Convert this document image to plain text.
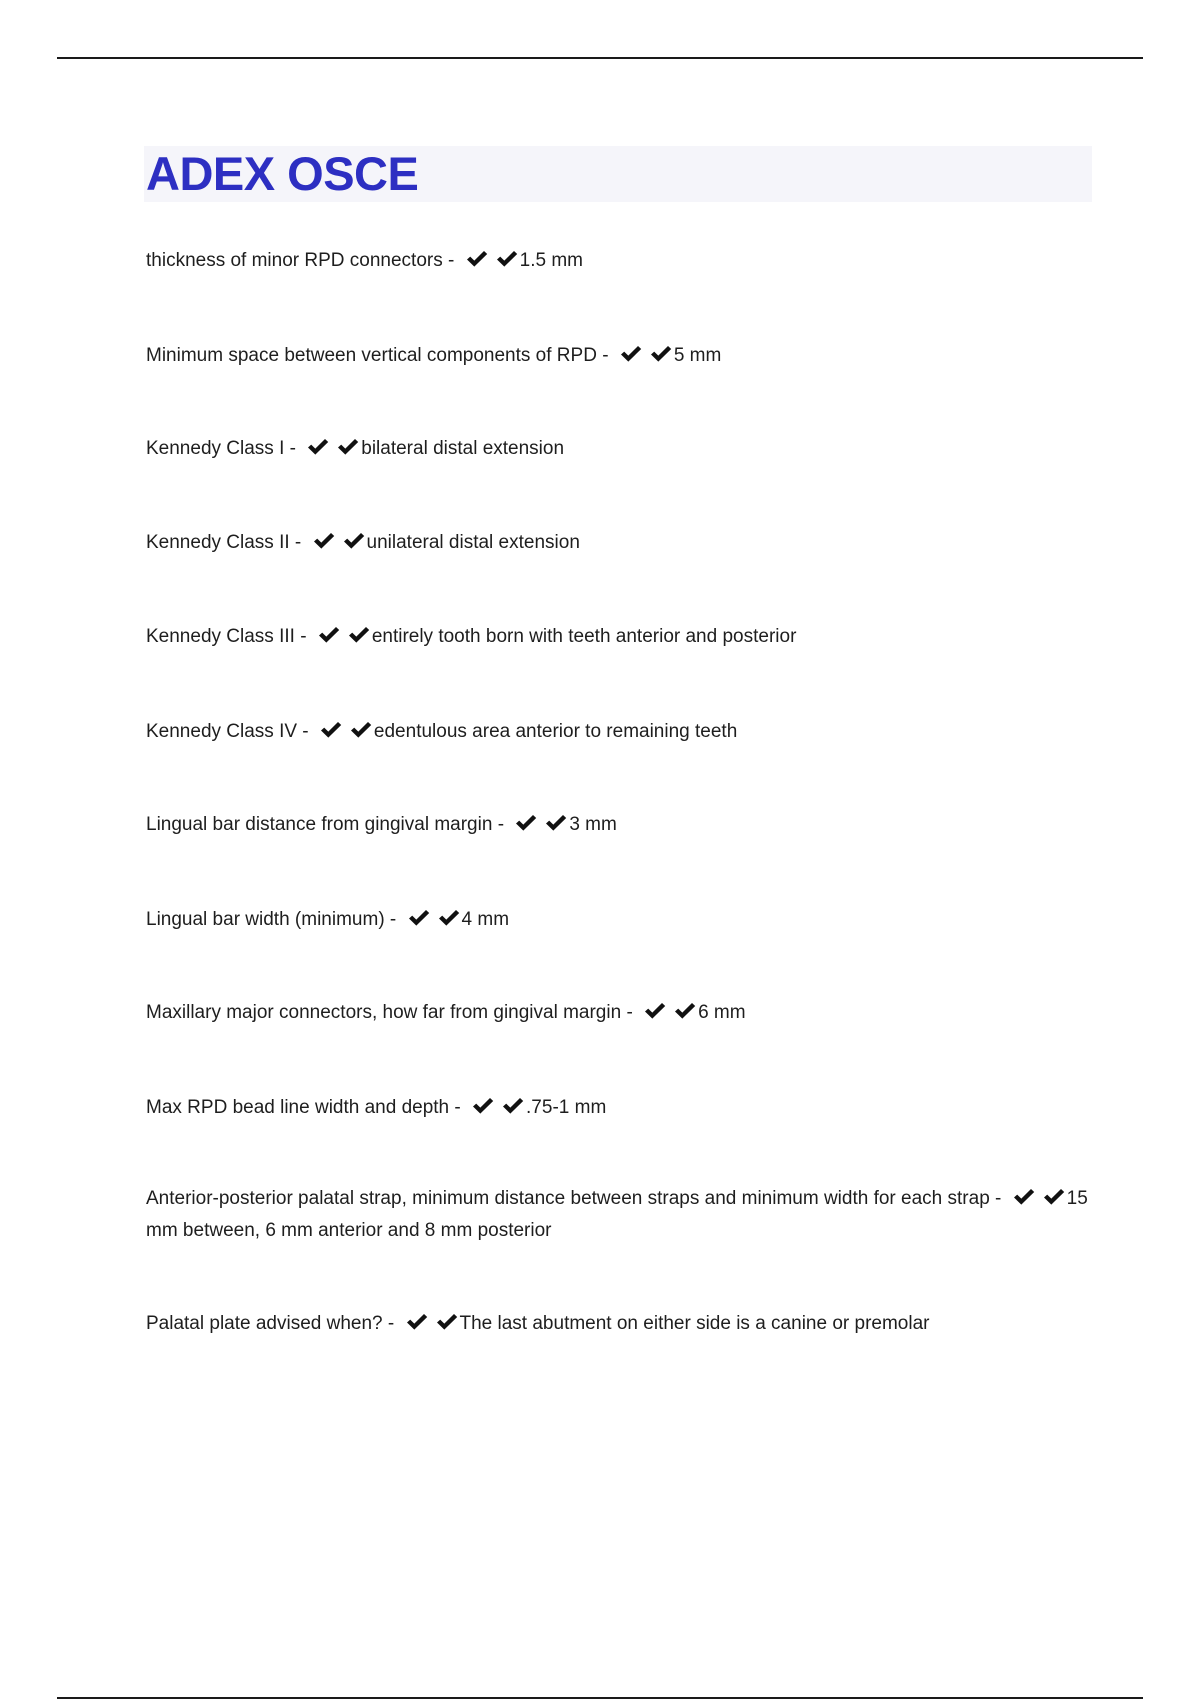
ADEX OSCE
thickness of minor RPD connectors -	1.5 mm
Minimum space between vertical components of RPD -	5 mm
Kennedy Class I -	bilateral distal extension
Kennedy Class II -	unilateral distal extension
Kennedy Class III -	entirely tooth born with teeth anterior and posterior
Kennedy Class IV -	edentulous area anterior to remaining teeth
Lingual bar distance from gingival margin -	3 mm
Lingual bar width (minimum) -	4 mm
Maxillary major connectors, how far from gingival margin -	6 mm
Max RPD bead line width and depth -	.75-1 mm
Anterior-posterior palatal strap, minimum distance between straps and minimum width for each strap -	15 mm between, 6 mm anterior and 8 mm posterior
Palatal plate advised when? -	The last abutment on either side is a canine or premolar
